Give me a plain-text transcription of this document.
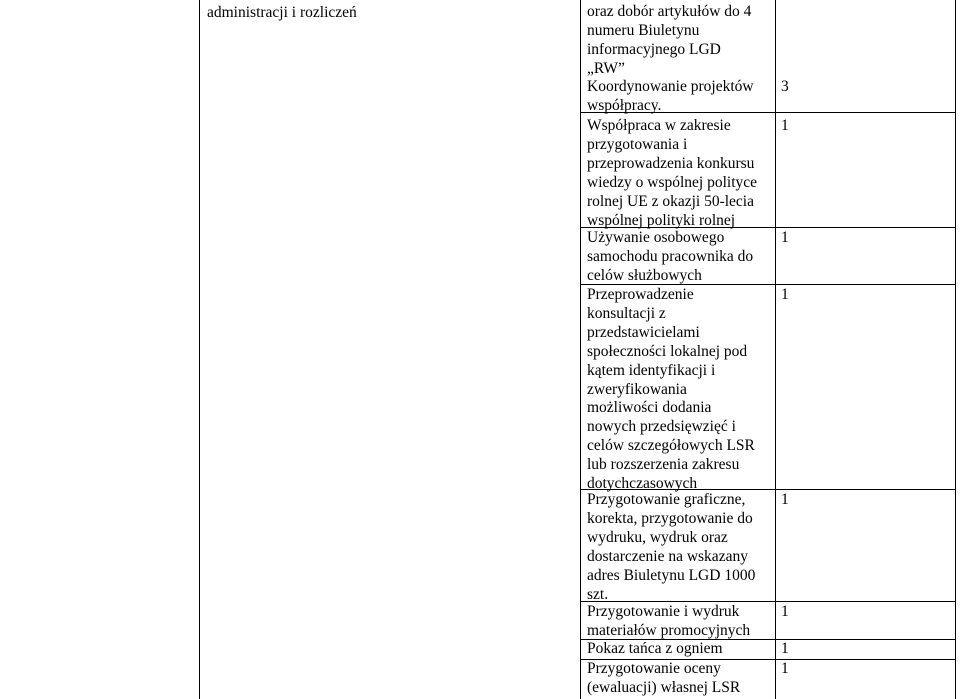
administracji i rozliczeń	oraz dobór artykułów do 4
numeru Biuletynu
informacyjnego LGD
„RW”
Koordynowanie projektów
współpracy.
3
Współpraca w zakresie
przygotowania i
przeprowadzenia konkursu
wiedzy o wspólnej polityce
rolnej UE z okazji 50-lecia
wspólnej polityki rolnej
1
Używanie osobowego
samochodu pracownika do
celów służbowych
1
Przeprowadzenie
konsultacji z
przedstawicielami
społeczności lokalnej pod
kątem identyfikacji i
zweryfikowania
możliwości dodania
nowych przedsięwzięć i
celów szczegółowych LSR
lub rozszerzenia zakresu
dotychczasowych
1
Przygotowanie graficzne,
korekta, przygotowanie do
wydruku, wydruk oraz
dostarczenie na wskazany
adres Biuletynu LGD 1000
szt.
1
Przygotowanie i wydruk
materiałów promocyjnych
1
Pokaz tańca z ogniem	1
Przygotowanie oceny
(ewaluacji) własnej LSR
1
